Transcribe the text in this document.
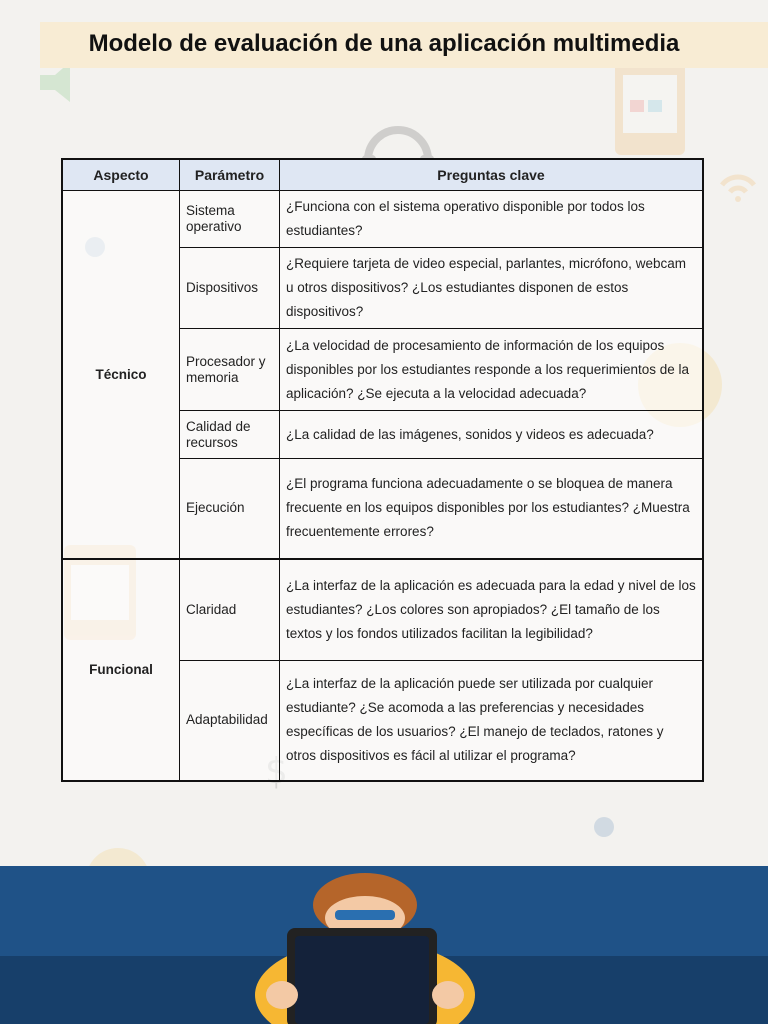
Modelo de evaluación de una aplicación multimedia
Aspecto	Parámetro	Preguntas clave
Técnico	Sistema operativo	¿Funciona con el sistema operativo disponible por todos los estudiantes?
	Dispositivos	¿Requiere tarjeta de video especial, parlantes, micrófono, webcam u otros dispositivos? ¿Los estudiantes disponen de estos dispositivos?
	Procesador y memoria	¿La velocidad de procesamiento de información de los equipos disponibles por los estudiantes responde a los requerimientos de la aplicación? ¿Se ejecuta a la velocidad adecuada?
	Calidad de recursos	¿La calidad de las imágenes, sonidos y videos es adecuada?
	Ejecución	¿El programa funciona adecuadamente o se bloquea de manera frecuente en los equipos disponibles por los estudiantes? ¿Muestra frecuentemente errores?
Funcional	Claridad	¿La interfaz de la aplicación es adecuada para la edad y nivel de los estudiantes? ¿Los colores son apropiados? ¿El tamaño de los textos y los fondos utilizados facilitan la legibilidad?
	Adaptabilidad	¿La interfaz de la aplicación puede ser utilizada por cualquier estudiante? ¿Se acomoda a las preferencias y necesidades específicas de los usuarios? ¿El manejo de teclados, ratones y otros dispositivos es fácil al utilizar el programa?
